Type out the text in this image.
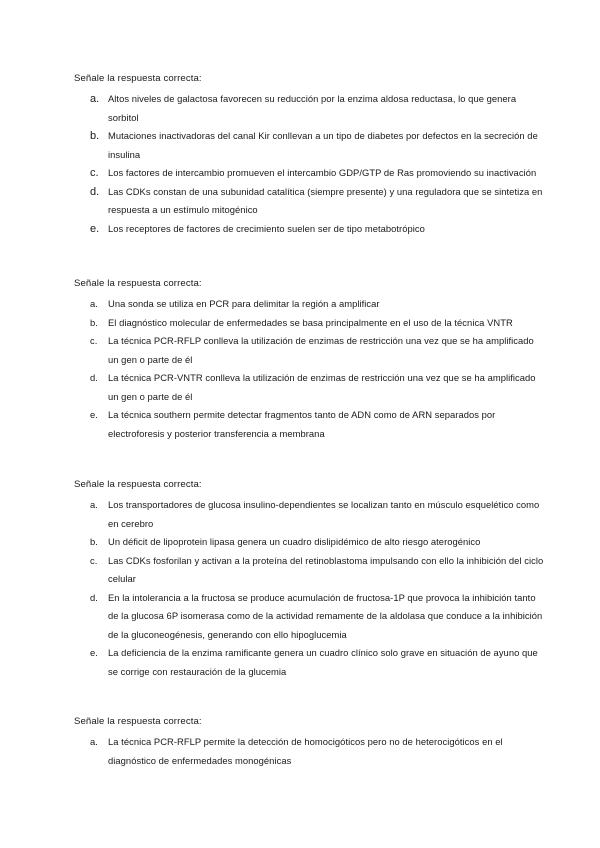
Señale la respuesta correcta:

a. Altos niveles de galactosa favorecen su reducción por la enzima aldosa reductasa, lo que genera sorbitol
b. Mutaciones inactivadoras del canal Kir conllevan a un tipo de diabetes por defectos en la secreción de insulina
c. Los factores de intercambio promueven el intercambio GDP/GTP de Ras promoviendo su inactivación
d. Las CDKs constan de una subunidad catalítica (siempre presente) y una reguladora que se sintetiza en respuesta a un estímulo mitogénico
e. Los receptores de factores de crecimiento suelen ser de tipo metabotrópico

Señale la respuesta correcta:

a.	Una sonda se utiliza en PCR para delimitar la región a amplificar
b.	El diagnóstico molecular de enfermedades se basa principalmente en el uso de la técnica VNTR
c.	La técnica PCR-RFLP conlleva la utilización de enzimas de restricción una vez que se ha amplificado un gen o parte de él
d.	La técnica PCR-VNTR conlleva la utilización de enzimas de restricción una vez que se ha amplificado un gen o parte de él
e.	La técnica southern permite detectar fragmentos tanto de ADN como de ARN separados por electroforesis y posterior transferencia a membrana

Señale la respuesta correcta:

a.	Los transportadores de glucosa insulino-dependientes se localizan tanto en músculo esquelético como en cerebro
b.	Un déficit de lipoprotein lipasa genera un cuadro dislipidémico de alto riesgo aterogénico
c.	Las CDKs fosforilan y activan a la proteína del retinoblastoma impulsando con ello la inhibición del ciclo celular
d.	En la intolerancia a la fructosa se produce acumulación de fructosa-1P que provoca la inhibición tanto de la glucosa 6P isomerasa como de la actividad remamente de la aldolasa que conduce a la inhibición de la gluconeogénesis, generando con ello hipoglucemia
e.	La deficiencia de la enzima ramificante genera un cuadro clínico solo grave en situación de ayuno que se corrige con restauración de la glucemia

Señale la respuesta correcta:

a.	La técnica PCR-RFLP permite la detección de homocigóticos pero no de heterocigóticos en el diagnóstico de enfermedades monogénicas
